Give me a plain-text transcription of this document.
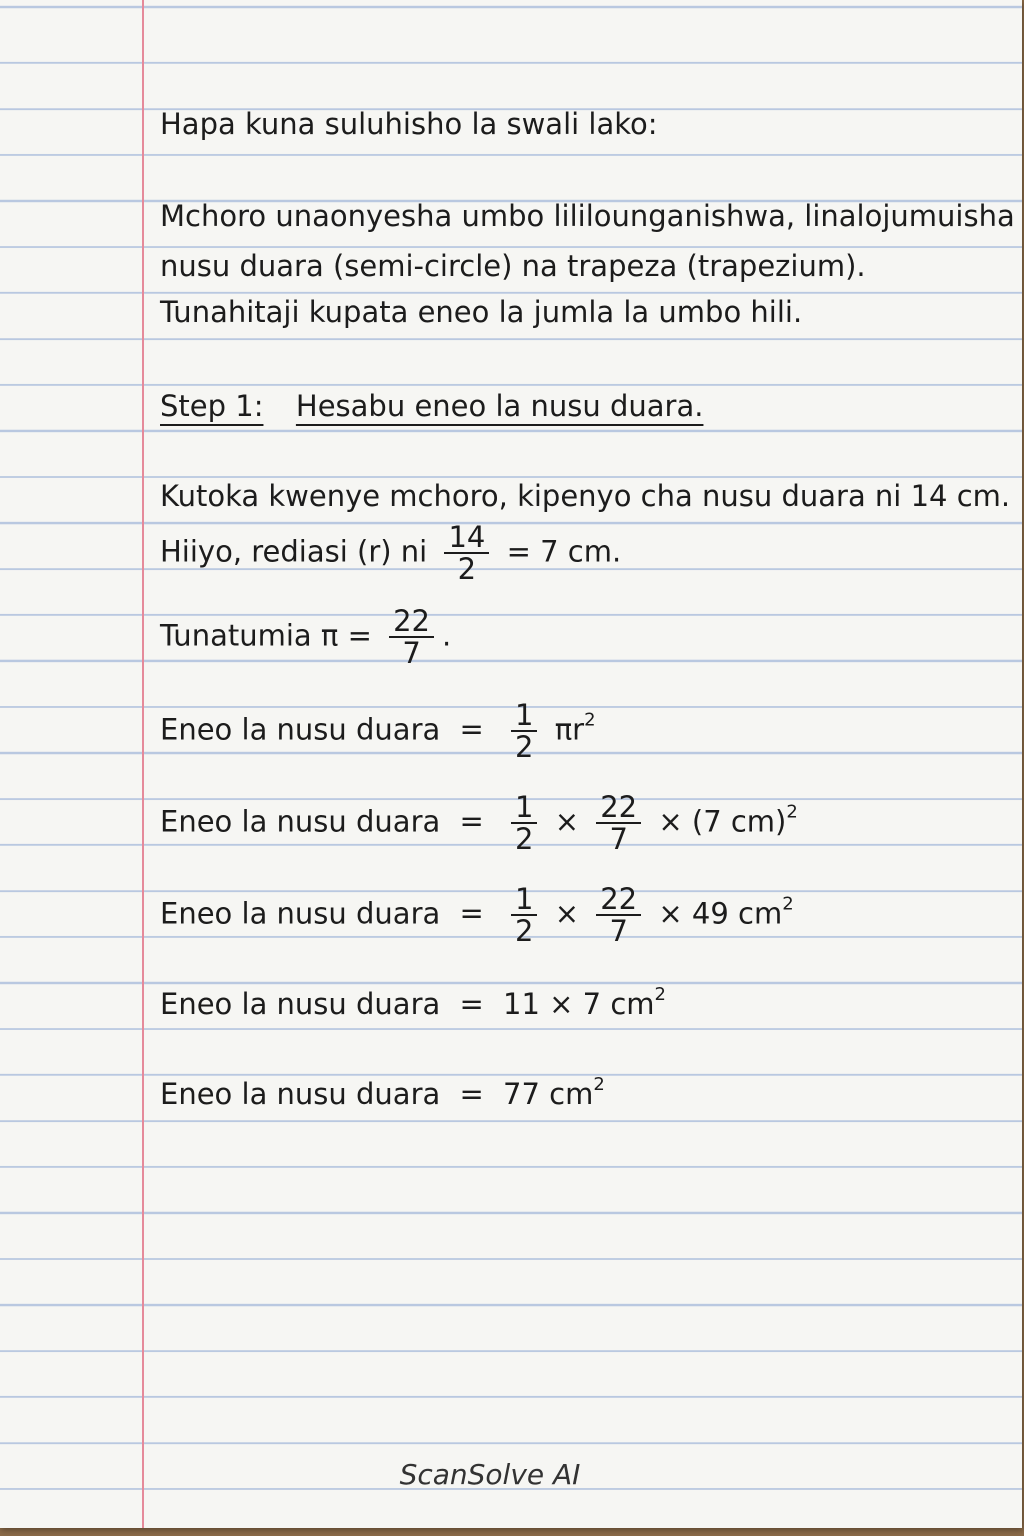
Hapa kuna suluhisho la swali lako:
Mchoro unaonyesha umbo lililounganishwa, linalojumuisha
nusu duara (semi-circle) na trapeza (trapezium).
Tunahitaji kupata eneo la jumla la umbo hili.
Step 1: Hesabu eneo la nusu duara.
Kutoka kwenye mchoro, kipenyo cha nusu duara ni 14 cm.
Hiiyo, rediasi (r) ni $\frac{14}{2} = 7$ cm.
Tunatumia $\pi = \frac{22}{7}$ .
Eneo la nusu duara = $\frac{1}{2} \pi r^2$
Eneo la nusu duara = $\frac{1}{2} \times \frac{22}{7} \times (7$ cm)$^2$
Eneo la nusu duara = $\frac{1}{2} \times \frac{22}{7} \times 49$ $cm^2$
Eneo la nusu duara = 11 × 7 $cm^2$
Eneo la nusu duara = 77 $cm^2$
ScanSolve AI
